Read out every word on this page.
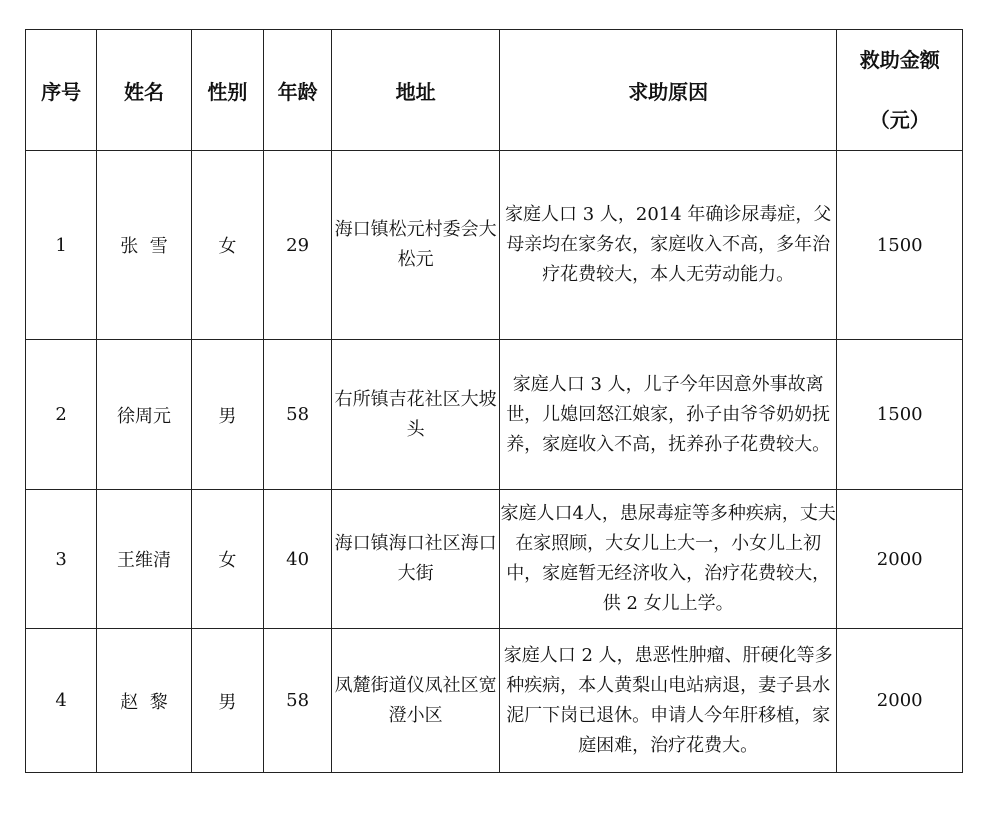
序号	姓名	性别	年龄	地址	求助原因	救助金额
（元）

1	张  雪	女	29	海口镇松元村委会大松元	家庭人口 3 人，2014 年确诊尿毒症，父母亲均在家务农，家庭收入不高，多年治疗花费较大，本人无劳动能力。	1500
2	徐周元	男	58	右所镇吉花社区大坡头	家庭人口 3 人，儿子今年因意外事故离世，儿媳回怒江娘家，孙子由爷爷奶奶抚养，家庭收入不高，抚养孙子花费较大。	1500
3	王维清	女	40	海口镇海口社区海口大街	家庭人口4人，患尿毒症等多种疾病，丈夫在家照顾，大女儿上大一，小女儿上初中，家庭暂无经济收入，治疗花费较大，供 2 女儿上学。	2000
4	赵  黎	男	58	凤麓街道仪凤社区宽澄小区	家庭人口 2 人，患恶性肿瘤、肝硬化等多种疾病，本人黄梨山电站病退，妻子县水泥厂下岗已退休。申请人今年肝移植，家庭困难，治疗花费大。	2000
